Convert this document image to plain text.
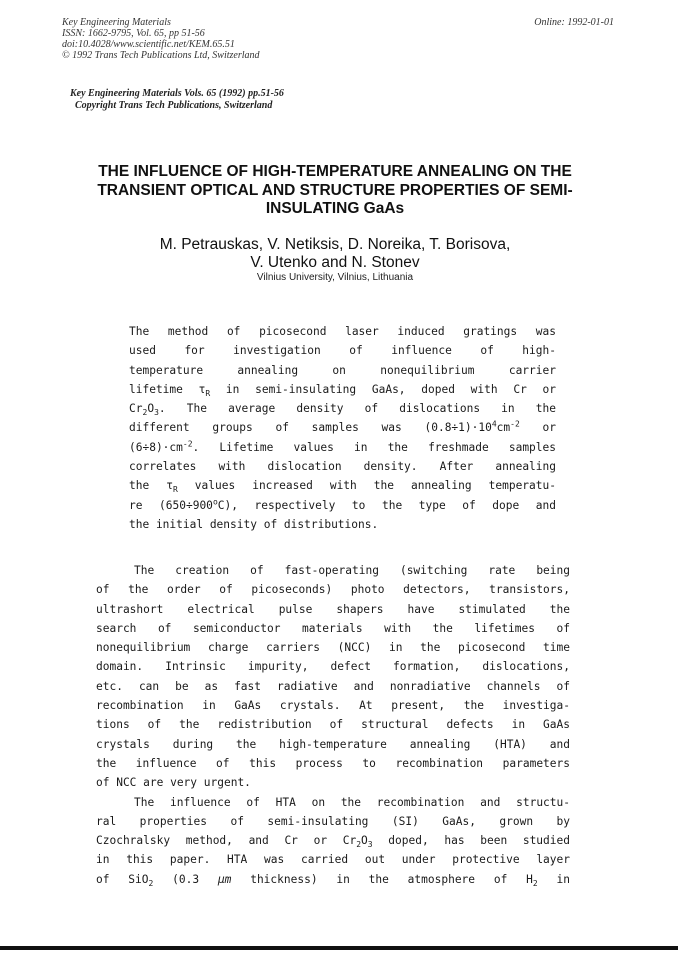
Key Engineering Materials
ISSN: 1662-9795, Vol. 65, pp 51-56
doi:10.4028/www.scientific.net/KEM.65.51
© 1992 Trans Tech Publications Ltd, Switzerland
Online: 1992-01-01
Key Engineering Materials Vols. 65 (1992) pp.51-56
Copyright Trans Tech Publications, Switzerland
THE INFLUENCE OF HIGH-TEMPERATURE ANNEALING ON THE
TRANSIENT OPTICAL AND STRUCTURE PROPERTIES OF SEMI-
INSULATING GaAs
M. Petrauskas, V. Netiksis, D. Noreika, T. Borisova,
V. Utenko and N. Stonev
Vilnius University, Vilnius, Lithuania
The method of picosecond laser induced gratings was
used for investigation of influence of high-
temperature annealing on nonequilibrium carrier
lifetime $\tau_R$ in semi-insulating GaAs, doped with Cr or
$Cr_2O_3$. The average density of dislocations in the
different groups of samples was $(0.8\div 1)\cdot 10^4cm^{-2}$ or
$(6\div 8)\cdot cm^{-2}$. Lifetime values in the freshmade samples
correlates with dislocation density. After annealing
the $\tau_R$ values increased with the annealing temperatu-
re $(650\div 900^oC)$, respectively to the type of dope and
the initial density of distributions.
The creation of fast-operating (switching rate being
of the order of picoseconds) photo detectors, transistors,
ultrashort electrical pulse shapers have stimulated the
search of semiconductor materials with the lifetimes of
nonequilibrium charge carriers (NCC) in the picosecond time
domain. Intrinsic impurity, defect formation, dislocations,
etc. can be as fast radiative and nonradiative channels of
recombination in GaAs crystals. At present, the investiga-
tions of the redistribution of structural defects in GaAs
crystals during the high-temperature annealing (HTA) and
the influence of this process to recombination parameters
of NCC are very urgent.
The influence of HTA on the recombination and structu-
ral properties of semi-insulating (SI) GaAs, grown by
Czochralsky method, and Cr or $Cr_2O_3$ doped, has been studied
in this paper. HTA was carried out under protective layer
of SiO$_2$ (0.3 μm thickness) in the atmosphere of $H_2$ in
